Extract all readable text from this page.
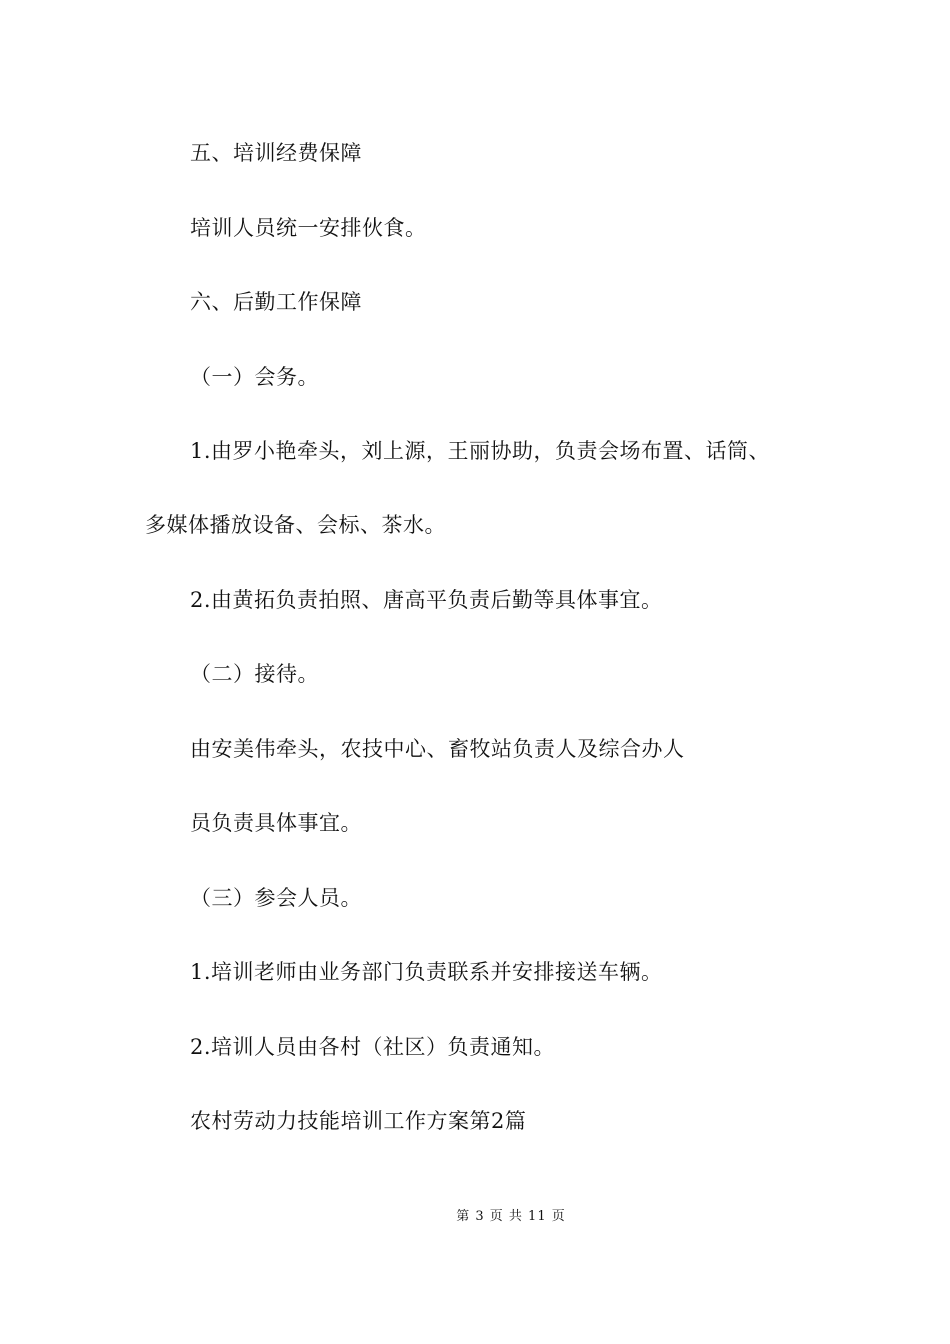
五、培训经费保障
培训人员统一安排伙食。
六、后勤工作保障
（一）会务。
1.由罗小艳牵头，刘上源，王丽协助，负责会场布置、话筒、
多媒体播放设备、会标、茶水。
2.由黄拓负责拍照、唐高平负责后勤等具体事宜。
（二）接待。
由安美伟牵头，农技中心、畜牧站负责人及综合办人
员负责具体事宜。
（三）参会人员。
1.培训老师由业务部门负责联系并安排接送车辆。
2.培训人员由各村（社区）负责通知。
农村劳动力技能培训工作方案第2篇
第 3 页 共 11 页
